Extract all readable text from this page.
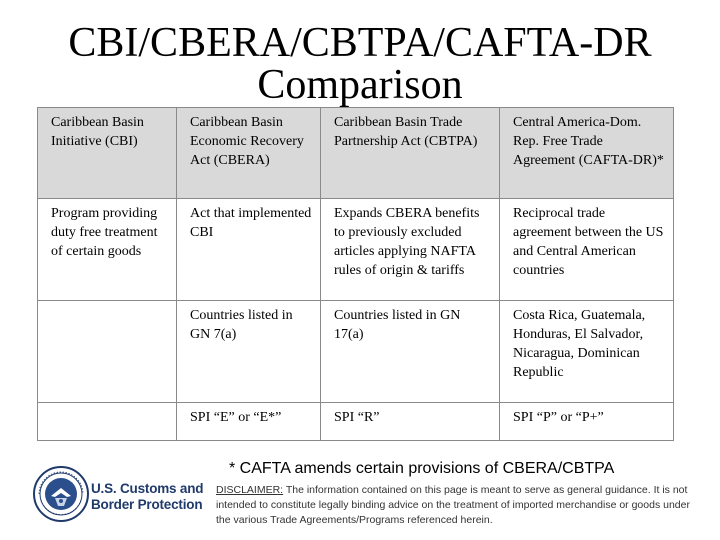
CBI/CBERA/CBTPA/CAFTA-DR
Comparison
Caribbean Basin Initiative (CBI)	Caribbean Basin Economic Recovery Act (CBERA)	Caribbean Basin Trade Partnership Act (CBTPA)	Central America-Dom. Rep. Free Trade Agreement (CAFTA-DR)*
Program providing duty free treatment of certain goods	Act that implemented CBI	Expands CBERA benefits to previously excluded articles applying NAFTA rules of origin & tariffs	Reciprocal trade agreement between the US and Central American countries
	Countries listed in GN 7(a)	Countries listed in GN 17(a)	Costa Rica, Guatemala, Honduras, El Salvador, Nicaragua, Dominican Republic
	SPI “E” or “E*”	SPI “R”	SPI “P” or “P+”
* CAFTA amends certain provisions of CBERA/CBTPA
U.S. Customs and
Border Protection
DISCLAIMER: The information contained on this page is meant to serve as general guidance. It is not intended to constitute legally binding advice on the treatment of imported merchandise or goods under the various Trade Agreements/Programs referenced herein.
